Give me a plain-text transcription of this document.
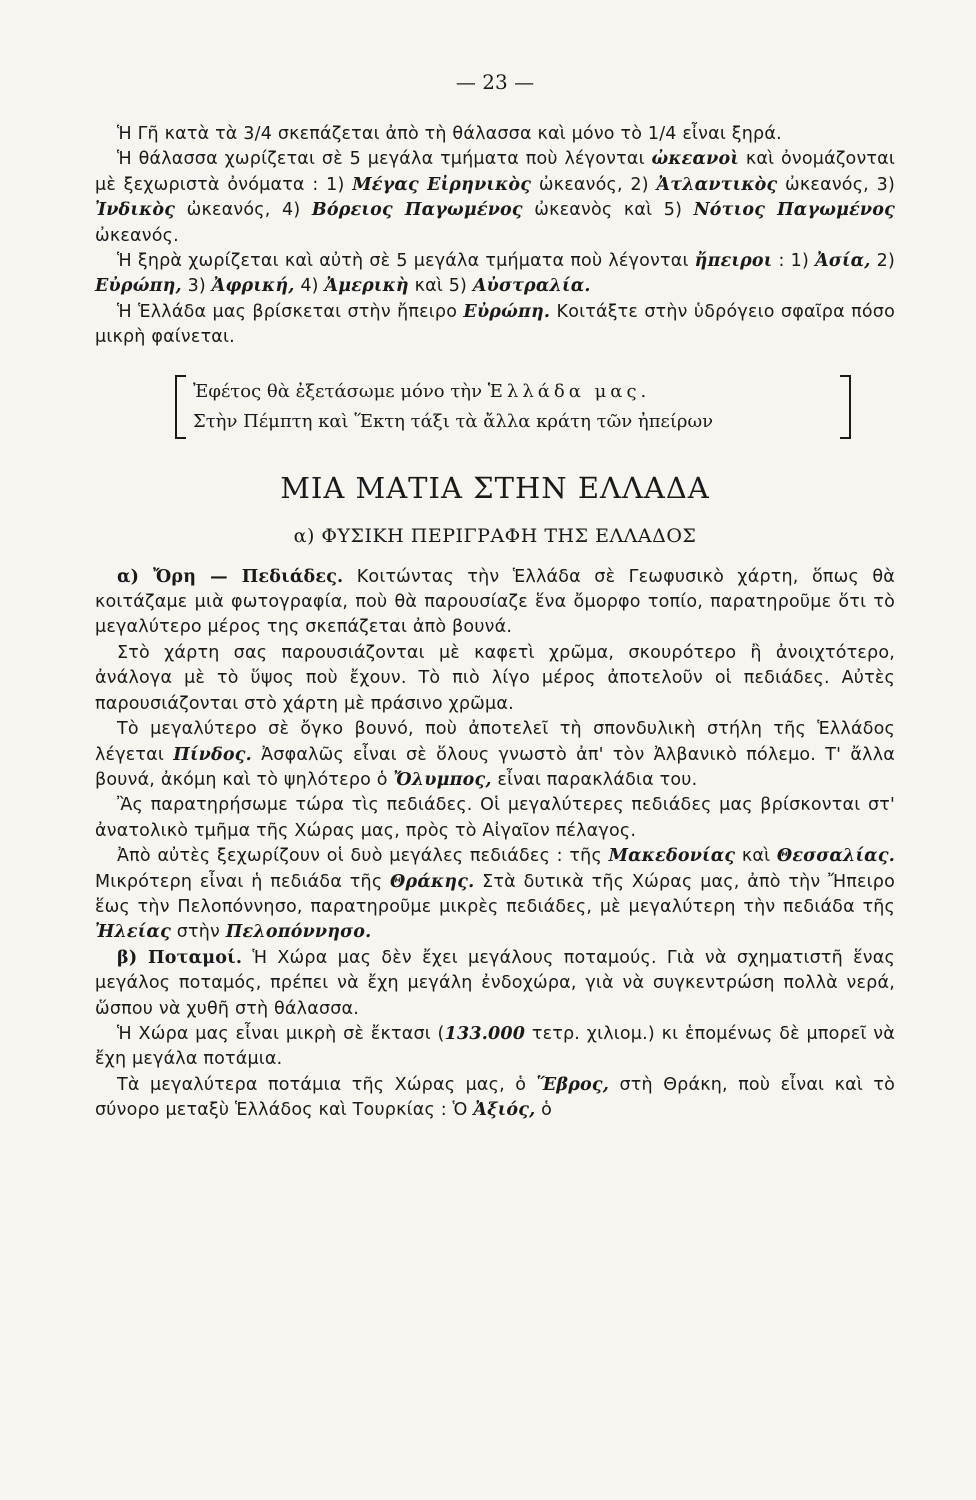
— 23 —

Ἡ Γῆ κατὰ τὰ 3/4 σκεπάζεται ἀπὸ τὴ θάλασσα καὶ μόνο τὸ 1/4 εἶναι ξηρά.

Ἡ θάλασσα χωρίζεται σὲ 5 μεγάλα τμήματα ποὺ λέγονται ὠκεανοὶ καὶ ὀνομάζονται μὲ ξεχωριστὰ ὀνόματα : 1) Μέγας Εἰρηνικὸς ὠκεανός, 2) Ἀτλαντικὸς ὠκεανός, 3) Ἰνδικὸς ὠκεανός, 4) Βόρειος Παγωμένος ὠκεανὸς καὶ 5) Νότιος Παγωμένος ὠκεανός.

Ἡ ξηρὰ χωρίζεται καὶ αὐτὴ σὲ 5 μεγάλα τμήματα ποὺ λέγονται ἤπειροι : 1) Ἀσία, 2) Εὐρώπη, 3) Ἀφρική, 4) Ἀμερικὴ καὶ 5) Αὐστραλία.

Ἡ Ἑλλάδα μας βρίσκεται στὴν ἤπειρο Εὐρώπη. Κοιτάξτε στὴν ὑδρόγειο σφαῖρα πόσο μικρὴ φαίνεται.

Ἐφέτος θὰ ἐξετάσωμε μόνο τὴν Ἑλλάδα μας.
Στὴν Πέμπτη καὶ Ἕκτη τάξι τὰ ἄλλα κράτη τῶν ἠπείρων
ΜΙΑ ΜΑΤΙΑ ΣΤΗΝ ΕΛΛΑΔΑ
α) ΦΥΣΙΚΗ ΠΕΡΙΓΡΑΦΗ ΤΗΣ ΕΛΛΑΔΟΣ

α) Ὄρη — Πεδιάδες. Κοιτώντας τὴν Ἑλλάδα σὲ Γεωφυσικὸ χάρτη, ὅπως θὰ κοιτάζαμε μιὰ φωτογραφία, ποὺ θὰ παρουσίαζε ἕνα ὄμορφο τοπίο, παρατηροῦμε ὅτι τὸ μεγαλύτερο μέρος της σκεπάζεται ἀπὸ βουνά.

Στὸ χάρτη σας παρουσιάζονται μὲ καφετὶ χρῶμα, σκουρότερο ἢ ἀνοιχτότερο, ἀνάλογα μὲ τὸ ὕψος ποὺ ἔχουν. Τὸ πιὸ λίγο μέρος ἀποτελοῦν οἱ πεδιάδες. Αὐτὲς παρουσιάζονται στὸ χάρτη μὲ πράσινο χρῶμα.

Τὸ μεγαλύτερο σὲ ὄγκο βουνό, ποὺ ἀποτελεῖ τὴ σπονδυλικὴ στήλη τῆς Ἑλλάδος λέγεται Πίνδος. Ἀσφαλῶς εἶναι σὲ ὅλους γνωστὸ ἀπ' τὸν Ἀλβανικὸ πόλεμο. Τ' ἄλλα βουνά, ἀκόμη καὶ τὸ ψηλότερο ὁ Ὄλυμπος, εἶναι παρακλάδια του.

Ἂς παρατηρήσωμε τώρα τὶς πεδιάδες. Οἱ μεγαλύτερες πεδιάδες μας βρίσκονται στ' ἀνατολικὸ τμῆμα τῆς Χώρας μας, πρὸς τὸ Αἰγαῖον πέλαγος.

Ἀπὸ αὐτὲς ξεχωρίζουν οἱ δυὸ μεγάλες πεδιάδες : τῆς Μακεδονίας καὶ Θεσσαλίας. Μικρότερη εἶναι ἡ πεδιάδα τῆς Θράκης. Στὰ δυτικὰ τῆς Χώρας μας, ἀπὸ τὴν Ἤπειρο ἕως τὴν Πελοπόννησο, παρατηροῦμε μικρὲς πεδιάδες, μὲ μεγαλύτερη τὴν πεδιάδα τῆς Ἠλείας στὴν Πελοπόννησο.

β) Ποταμοί. Ἡ Χώρα μας δὲν ἔχει μεγάλους ποταμούς. Γιὰ νὰ σχηματιστῆ ἕνας μεγάλος ποταμός, πρέπει νὰ ἔχη μεγάλη ἐνδοχώρα, γιὰ νὰ συγκεντρώση πολλὰ νερά, ὥσπου νὰ χυθῆ στὴ θάλασσα.

Ἡ Χώρα μας εἶναι μικρὴ σὲ ἔκτασι (133.000 τετρ. χιλιομ.) κι ἑπομένως δὲ μπορεῖ νὰ ἔχη μεγάλα ποτάμια.

Τὰ μεγαλύτερα ποτάμια τῆς Χώρας μας, ὁ Ἕβρος, στὴ Θράκη, ποὺ εἶναι καὶ τὸ σύνορο μεταξὺ Ἑλλάδος καὶ Τουρκίας : Ὁ Ἀξιός, ὁ
